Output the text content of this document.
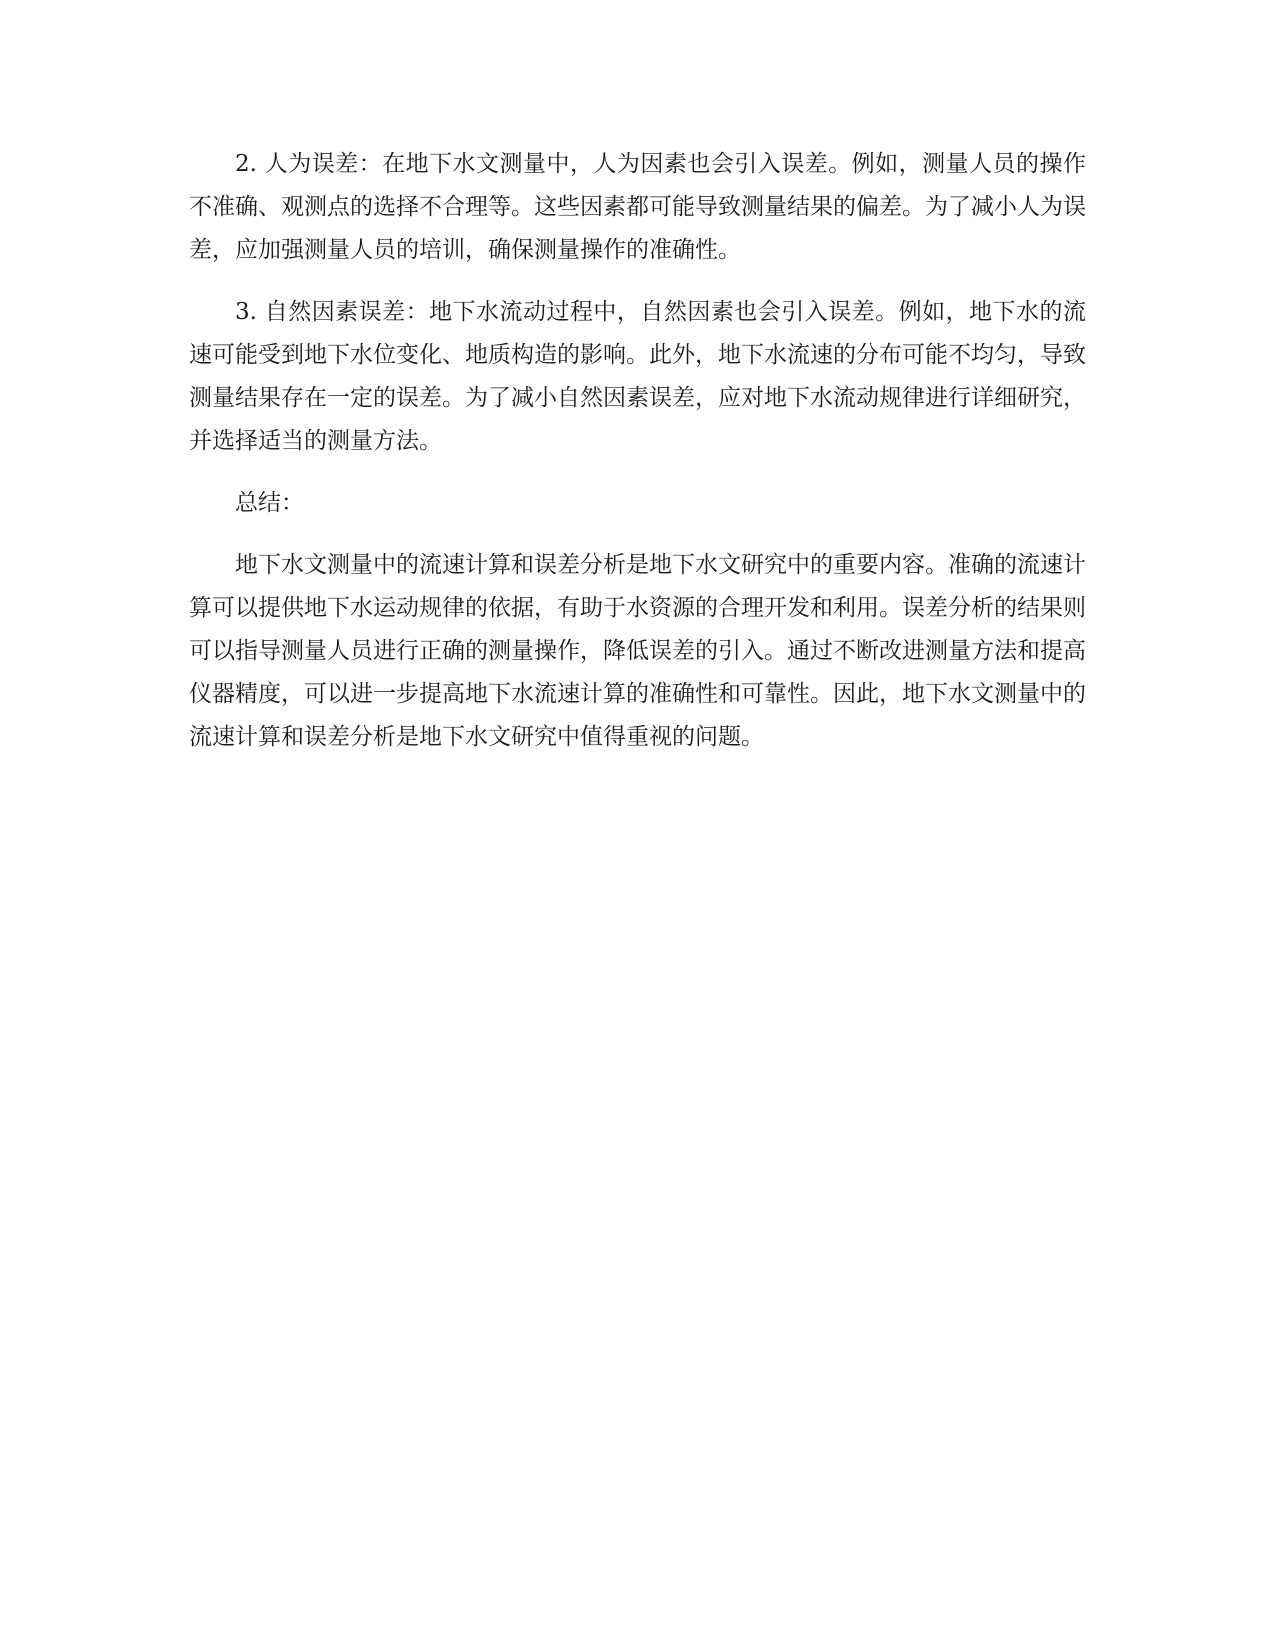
2. 人为误差：在地下水文测量中，人为因素也会引入误差。例如，测量人员的操作不准确、观测点的选择不合理等。这些因素都可能导致测量结果的偏差。为了减小人为误差，应加强测量人员的培训，确保测量操作的准确性。

3. 自然因素误差：地下水流动过程中，自然因素也会引入误差。例如，地下水的流速可能受到地下水位变化、地质构造的影响。此外，地下水流速的分布可能不均匀，导致测量结果存在一定的误差。为了减小自然因素误差，应对地下水流动规律进行详细研究，并选择适当的测量方法。

总结：

地下水文测量中的流速计算和误差分析是地下水文研究中的重要内容。准确的流速计算可以提供地下水运动规律的依据，有助于水资源的合理开发和利用。误差分析的结果则可以指导测量人员进行正确的测量操作，降低误差的引入。通过不断改进测量方法和提高仪器精度，可以进一步提高地下水流速计算的准确性和可靠性。因此，地下水文测量中的流速计算和误差分析是地下水文研究中值得重视的问题。
